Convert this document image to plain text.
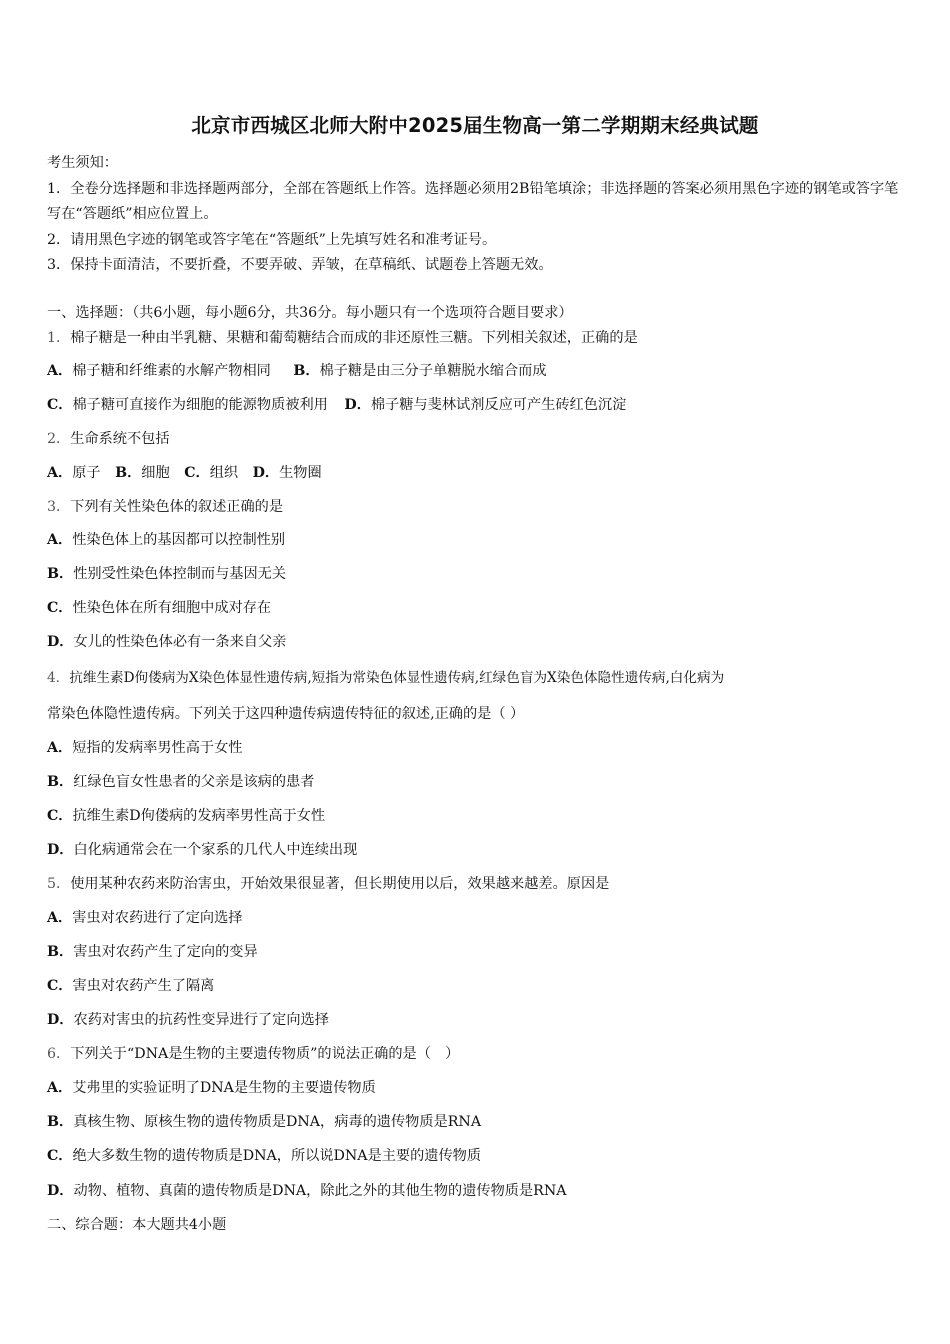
北京市西城区北师大附中2025届生物高一第二学期期末经典试题
考生须知：
1．全卷分选择题和非选择题两部分，全部在答题纸上作答。选择题必须用2B铅笔填涂；非选择题的答案必须用黑色字迹的钢笔或答字笔写在“答题纸”相应位置上。
2．请用黑色字迹的钢笔或答字笔在“答题纸”上先填写姓名和准考证号。
3．保持卡面清洁，不要折叠，不要弄破、弄皱，在草稿纸、试题卷上答题无效。
一、选择题：（共6小题，每小题6分，共36分。每小题只有一个选项符合题目要求）
1．棉子糖是一种由半乳糖、果糖和葡萄糖结合而成的非还原性三糖。下列相关叙述，正确的是
A．棉子糖和纤维素的水解产物相同 B．棉子糖是由三分子单糖脱水缩合而成
C．棉子糖可直接作为细胞的能源物质被利用 D．棉子糖与斐林试剂反应可产生砖红色沉淀
2．生命系统不包括
A．原子 B．细胞 C．组织 D．生物圈
3．下列有关性染色体的叙述正确的是
A．性染色体上的基因都可以控制性别
B．性别受性染色体控制而与基因无关
C．性染色体在所有细胞中成对存在
D．女儿的性染色体必有一条来自父亲
4．抗维生素D佝偻病为X染色体显性遗传病,短指为常染色体显性遗传病,红绿色盲为X染色体隐性遗传病,白化病为
常染色体隐性遗传病。下列关于这四种遗传病遗传特征的叙述,正确的是（ ）
A．短指的发病率男性高于女性
B．红绿色盲女性患者的父亲是该病的患者
C．抗维生素D佝偻病的发病率男性高于女性
D．白化病通常会在一个家系的几代人中连续出现
5．使用某种农药来防治害虫，开始效果很显著，但长期使用以后，效果越来越差。原因是
A．害虫对农药进行了定向选择
B．害虫对农药产生了定向的变异
C．害虫对农药产生了隔离
D．农药对害虫的抗药性变异进行了定向选择
6．下列关于“DNA是生物的主要遗传物质”的说法正确的是（　）
A．艾弗里的实验证明了DNA是生物的主要遗传物质
B．真核生物、原核生物的遗传物质是DNA，病毒的遗传物质是RNA
C．绝大多数生物的遗传物质是DNA，所以说DNA是主要的遗传物质
D．动物、植物、真菌的遗传物质是DNA，除此之外的其他生物的遗传物质是RNA
二、综合题：本大题共4小题
